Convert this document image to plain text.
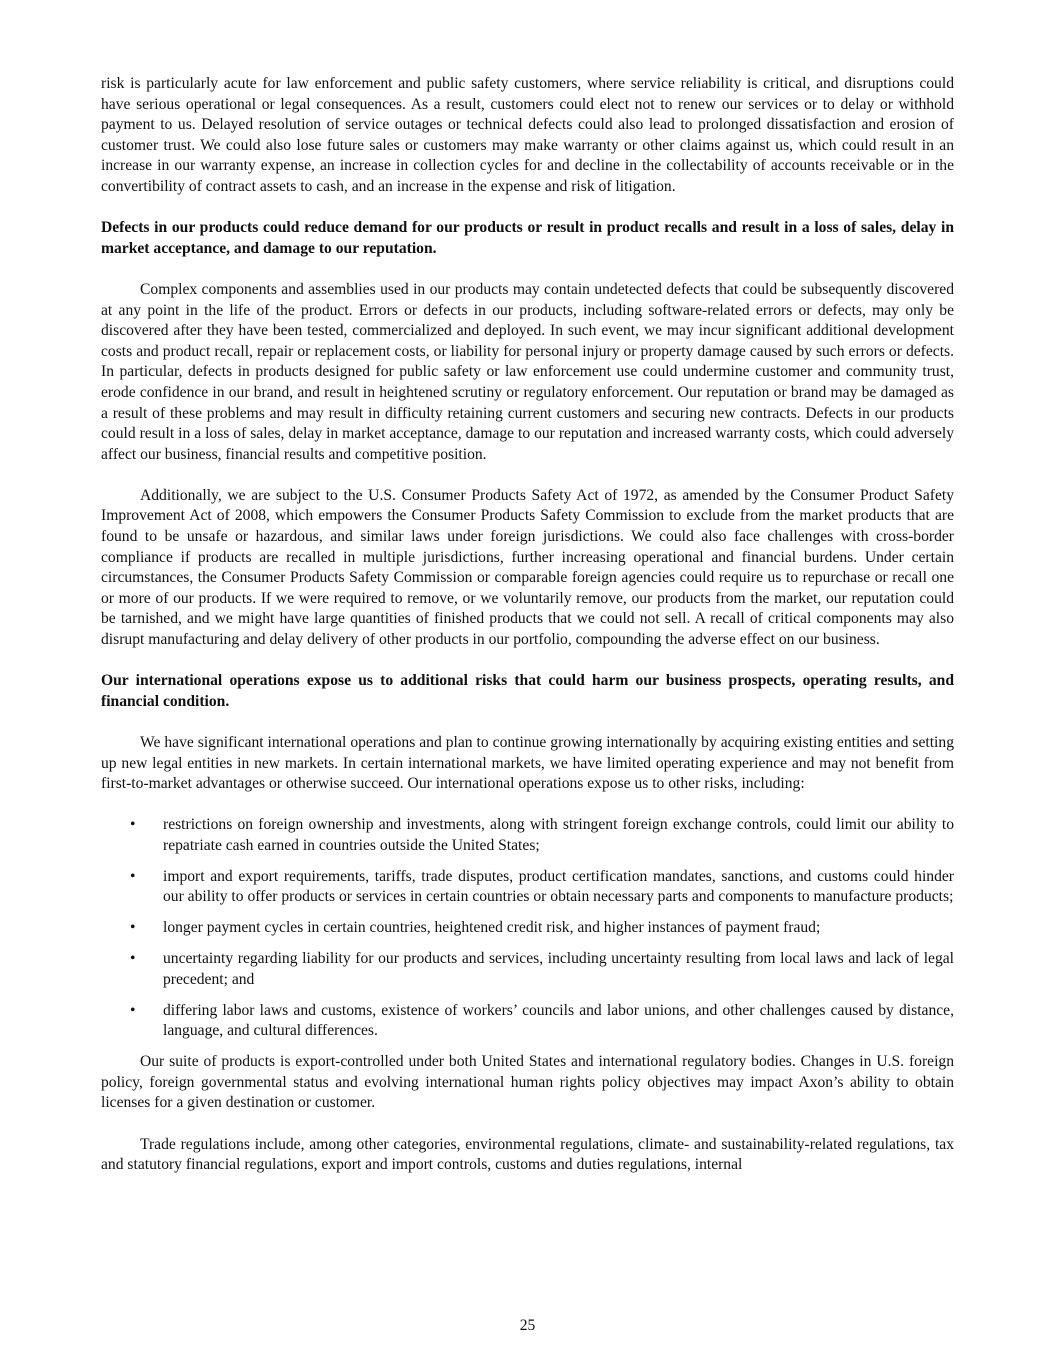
risk is particularly acute for law enforcement and public safety customers, where service reliability is critical, and disruptions could have serious operational or legal consequences. As a result, customers could elect not to renew our services or to delay or withhold payment to us. Delayed resolution of service outages or technical defects could also lead to prolonged dissatisfaction and erosion of customer trust. We could also lose future sales or customers may make warranty or other claims against us, which could result in an increase in our warranty expense, an increase in collection cycles for and decline in the collectability of accounts receivable or in the convertibility of contract assets to cash, and an increase in the expense and risk of litigation.

Defects in our products could reduce demand for our products or result in product recalls and result in a loss of sales, delay in market acceptance, and damage to our reputation.

Complex components and assemblies used in our products may contain undetected defects that could be subsequently discovered at any point in the life of the product. Errors or defects in our products, including software-related errors or defects, may only be discovered after they have been tested, commercialized and deployed. In such event, we may incur significant additional development costs and product recall, repair or replacement costs, or liability for personal injury or property damage caused by such errors or defects. In particular, defects in products designed for public safety or law enforcement use could undermine customer and community trust, erode confidence in our brand, and result in heightened scrutiny or regulatory enforcement. Our reputation or brand may be damaged as a result of these problems and may result in difficulty retaining current customers and securing new contracts. Defects in our products could result in a loss of sales, delay in market acceptance, damage to our reputation and increased warranty costs, which could adversely affect our business, financial results and competitive position.

Additionally, we are subject to the U.S. Consumer Products Safety Act of 1972, as amended by the Consumer Product Safety Improvement Act of 2008, which empowers the Consumer Products Safety Commission to exclude from the market products that are found to be unsafe or hazardous, and similar laws under foreign jurisdictions. We could also face challenges with cross-border compliance if products are recalled in multiple jurisdictions, further increasing operational and financial burdens. Under certain circumstances, the Consumer Products Safety Commission or comparable foreign agencies could require us to repurchase or recall one or more of our products. If we were required to remove, or we voluntarily remove, our products from the market, our reputation could be tarnished, and we might have large quantities of finished products that we could not sell. A recall of critical components may also disrupt manufacturing and delay delivery of other products in our portfolio, compounding the adverse effect on our business.

Our international operations expose us to additional risks that could harm our business prospects, operating results, and financial condition.

We have significant international operations and plan to continue growing internationally by acquiring existing entities and setting up new legal entities in new markets. In certain international markets, we have limited operating experience and may not benefit from first-to-market advantages or otherwise succeed. Our international operations expose us to other risks, including:

• restrictions on foreign ownership and investments, along with stringent foreign exchange controls, could limit our ability to repatriate cash earned in countries outside the United States;
• import and export requirements, tariffs, trade disputes, product certification mandates, sanctions, and customs could hinder our ability to offer products or services in certain countries or obtain necessary parts and components to manufacture products;
• longer payment cycles in certain countries, heightened credit risk, and higher instances of payment fraud;
• uncertainty regarding liability for our products and services, including uncertainty resulting from local laws and lack of legal precedent; and
• differing labor laws and customs, existence of workers’ councils and labor unions, and other challenges caused by distance, language, and cultural differences.

Our suite of products is export-controlled under both United States and international regulatory bodies. Changes in U.S. foreign policy, foreign governmental status and evolving international human rights policy objectives may impact Axon’s ability to obtain licenses for a given destination or customer.

Trade regulations include, among other categories, environmental regulations, climate- and sustainability-related regulations, tax and statutory financial regulations, export and import controls, customs and duties regulations, internal

25
